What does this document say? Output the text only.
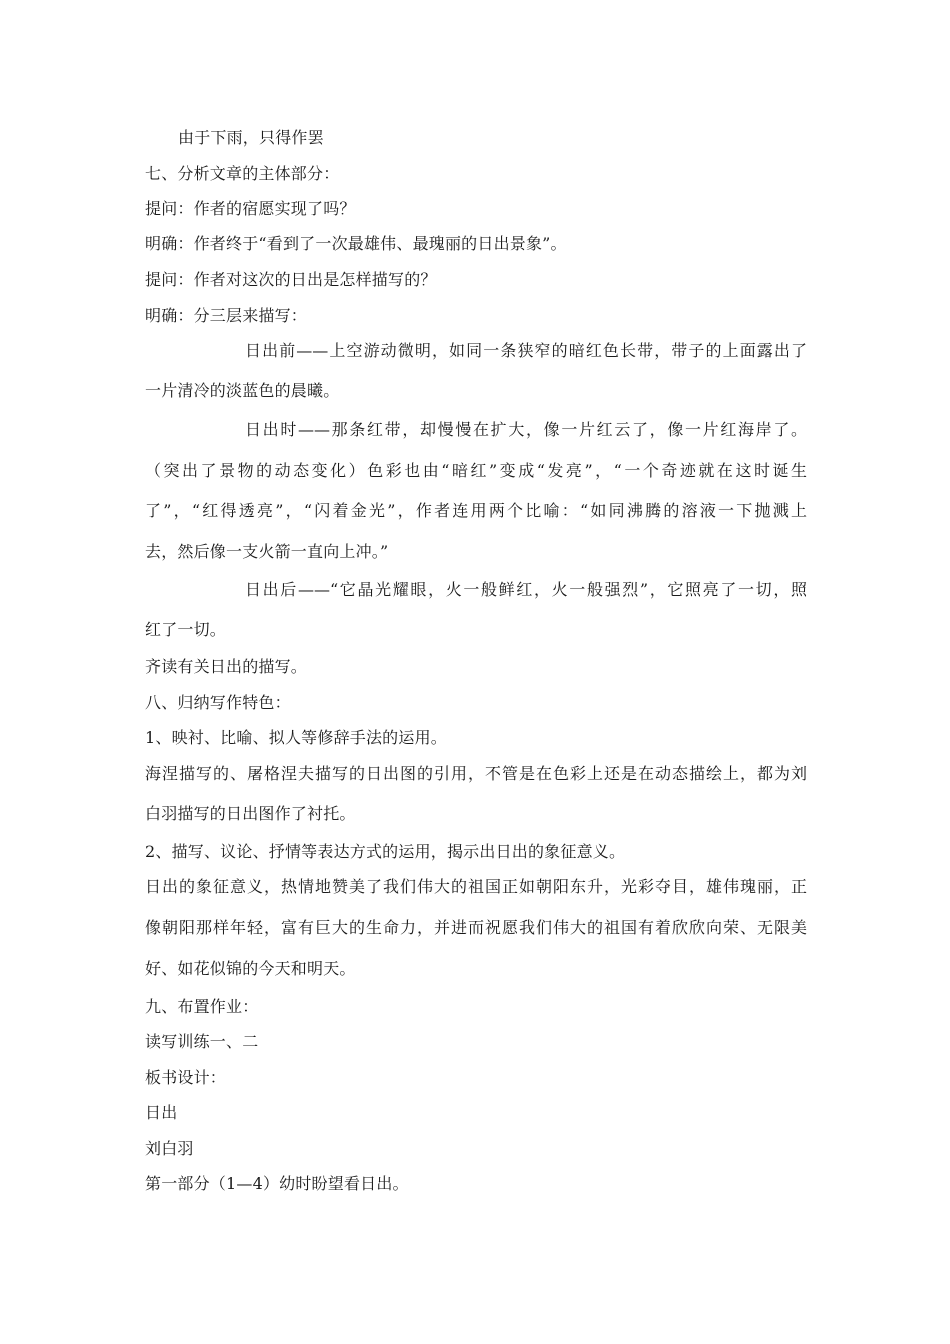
由于下雨，只得作罢
七、分析文章的主体部分：
提问：作者的宿愿实现了吗？
明确：作者终于“看到了一次最雄伟、最瑰丽的日出景象”。
提问：作者对这次的日出是怎样描写的？
明确：分三层来描写：
日出前——上空游动微明，如同一条狭窄的暗红色长带，带子的上面露出了
一片清冷的淡蓝色的晨曦。
日出时——那条红带，却慢慢在扩大，像一片红云了，像一片红海岸了。
（突出了景物的动态变化）色彩也由“暗红”变成“发亮”，“一个奇迹就在这时诞生
了”，“红得透亮”，“闪着金光”，作者连用两个比喻：“如同沸腾的溶液一下抛溅上
去，然后像一支火箭一直向上冲。”
日出后——“它晶光耀眼，火一般鲜红，火一般强烈”，它照亮了一切，照
红了一切。
齐读有关日出的描写。
八、归纳写作特色：
1、映衬、比喻、拟人等修辞手法的运用。
海涅描写的、屠格涅夫描写的日出图的引用，不管是在色彩上还是在动态描绘上，都为刘
白羽描写的日出图作了衬托。
2、描写、议论、抒情等表达方式的运用，揭示出日出的象征意义。
日出的象征意义，热情地赞美了我们伟大的祖国正如朝阳东升，光彩夺目，雄伟瑰丽，正
像朝阳那样年轻，富有巨大的生命力，并进而祝愿我们伟大的祖国有着欣欣向荣、无限美
好、如花似锦的今天和明天。
九、布置作业：
读写训练一、二
板书设计：
日出
刘白羽
第一部分（1—4）幼时盼望看日出。
